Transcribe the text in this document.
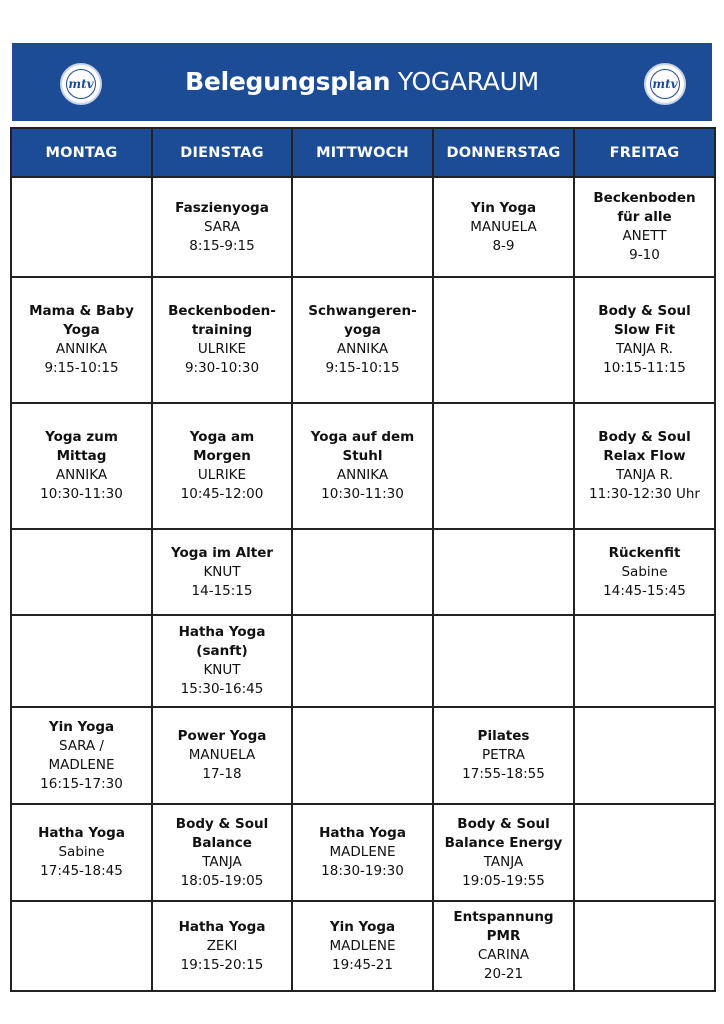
mtv	Belegungsplan YOGARAUM	mtv
MONTAG	DIENSTAG	MITTWOCH	DONNERSTAG	FREITAG

	Faszienyoga
SARA
8:15-9:15		Yin Yoga
MANUELA
8-9	Beckenboden
für alle
ANETT
9-10

Mama & Baby
Yoga
ANNIKA
9:15-10:15	Beckenboden-
training
ULRIKE
9:30-10:30	Schwangeren-
yoga
ANNIKA
9:15-10:15		Body & Soul
Slow Fit
TANJA R.
10:15-11:15

Yoga zum
Mittag
ANNIKA
10:30-11:30	Yoga am
Morgen
ULRIKE
10:45-12:00	Yoga auf dem
Stuhl
ANNIKA
10:30-11:30		Body & Soul
Relax Flow
TANJA R.
11:30-12:30 Uhr

	Yoga im Alter
KNUT
14-15:15			Rückenfit
Sabine
14:45-15:45

	Hatha Yoga
(sanft)
KNUT
15:30-16:45			

Yin Yoga
SARA /
MADLENE
16:15-17:30	Power Yoga
MANUELA
17-18		Pilates
PETRA
17:55-18:55	

Hatha Yoga
Sabine
17:45-18:45	Body & Soul
Balance
TANJA
18:05-19:05	Hatha Yoga
MADLENE
18:30-19:30	Body & Soul
Balance Energy
TANJA
19:05-19:55	

	Hatha Yoga
ZEKI
19:15-20:15	Yin Yoga
MADLENE
19:45-21	Entspannung
PMR
CARINA
20-21	
